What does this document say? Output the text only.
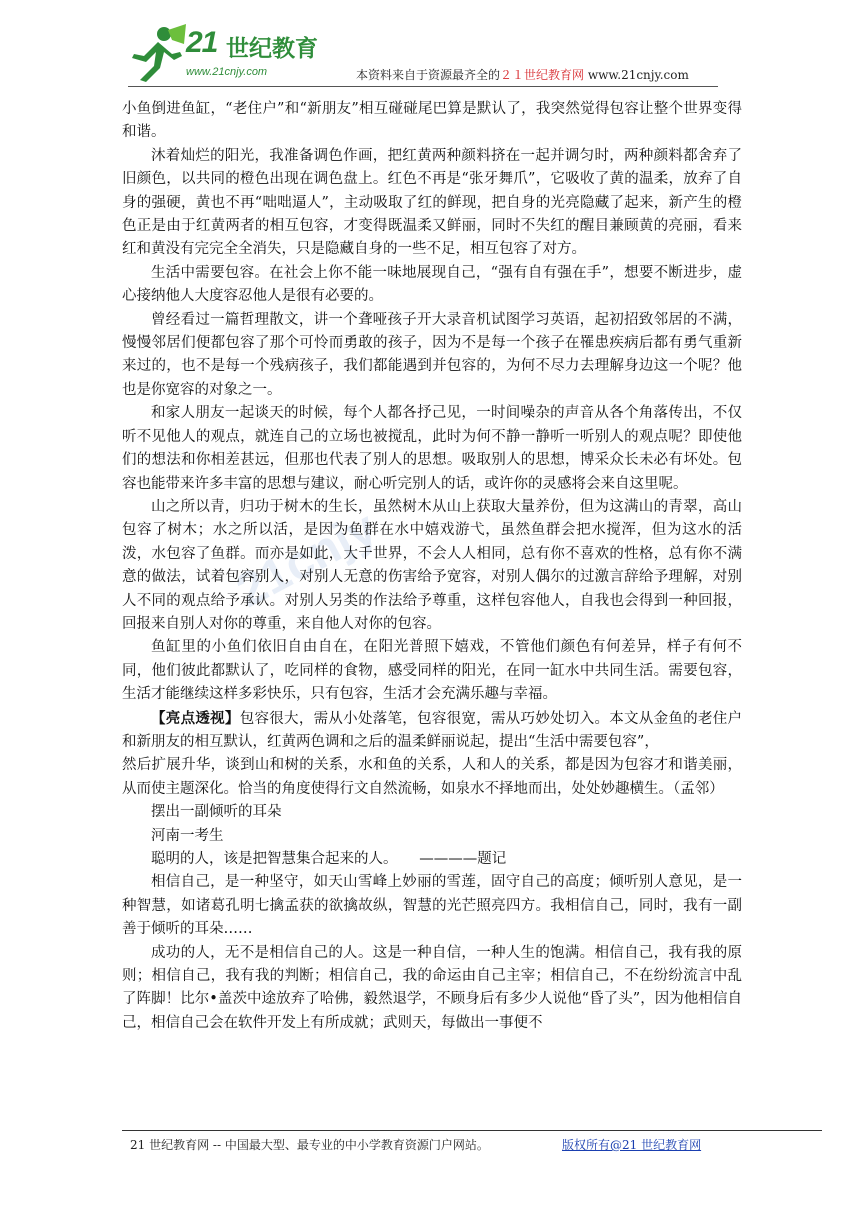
21 世纪教育
www.21cnjy.com	本资料来自于资源最齐全的２１世纪教育网 www.21cnjy.com
21cnjy

小鱼倒进鱼缸，“老住户”和“新朋友”相互碰碰尾巴算是默认了，我突然觉得包容让整个世界变得和谐。

沐着灿烂的阳光，我准备调色作画，把红黄两种颜料挤在一起并调匀时，两种颜料都舍弃了旧颜色，以共同的橙色出现在调色盘上。红色不再是“张牙舞爪”，它吸收了黄的温柔，放弃了自身的强硬，黄也不再“咄咄逼人”，主动吸取了红的鲜现，把自身的光亮隐藏了起来，新产生的橙色正是由于红黄两者的相互包容，才变得既温柔又鲜丽，同时不失红的醒目兼顾黄的亮丽，看来红和黄没有完完全全消失，只是隐藏自身的一些不足，相互包容了对方。

生活中需要包容。在社会上你不能一味地展现自己，“强有自有强在手”，想要不断进步，虚心接纳他人大度容忍他人是很有必要的。

曾经看过一篇哲理散文，讲一个聋哑孩子开大录音机试图学习英语，起初招致邻居的不满，慢慢邻居们便都包容了那个可怜而勇敢的孩子，因为不是每一个孩子在罹患疾病后都有勇气重新来过的，也不是每一个残病孩子，我们都能遇到并包容的，为何不尽力去理解身边这一个呢？他也是你宽容的对象之一。

和家人朋友一起谈天的时候，每个人都各抒己见，一时间噪杂的声音从各个角落传出，不仅听不见他人的观点，就连自己的立场也被搅乱，此时为何不静一静听一听别人的观点呢？即使他们的想法和你相差甚远，但那也代表了别人的思想。吸取别人的思想，博采众长未必有坏处。包容也能带来许多丰富的思想与建议，耐心听完别人的话，或许你的灵感将会来自这里呢。

山之所以青，归功于树木的生长，虽然树木从山上获取大量养份，但为这满山的青翠，高山包容了树木；水之所以活，是因为鱼群在水中嬉戏游弋，虽然鱼群会把水搅浑，但为这水的活泼，水包容了鱼群。而亦是如此，大千世界，不会人人相同，总有你不喜欢的性格，总有你不满意的做法，试着包容别人，对别人无意的伤害给予宽容，对别人偶尔的过激言辞给予理解，对别人不同的观点给予承认。对别人另类的作法给予尊重，这样包容他人，自我也会得到一种回报，回报来自别人对你的尊重，来自他人对你的包容。

鱼缸里的小鱼们依旧自由自在，在阳光普照下嬉戏，不管他们颜色有何差异，样子有何不同，他们彼此都默认了，吃同样的食物，感受同样的阳光，在同一缸水中共同生活。需要包容，生活才能继续这样多彩快乐，只有包容，生活才会充满乐趣与幸福。

【亮点透视】包容很大，需从小处落笔，包容很宽，需从巧妙处切入。本文从金鱼的老住户和新朋友的相互默认，红黄两色调和之后的温柔鲜丽说起，提出“生活中需要包容”，

然后扩展升华，谈到山和树的关系，水和鱼的关系，人和人的关系，都是因为包容才和谐美丽，从而使主题深化。恰当的角度使得行文自然流畅，如泉水不择地而出，处处妙趣横生。（孟邻）

摆出一副倾听的耳朵

河南一考生

聪明的人，该是把智慧集合起来的人。　　————题记

相信自己，是一种坚守，如天山雪峰上妙丽的雪莲，固守自己的高度；倾听别人意见，是一种智慧，如诸葛孔明七擒孟获的欲擒故纵，智慧的光芒照亮四方。我相信自己，同时，我有一副善于倾听的耳朵……

成功的人，无不是相信自己的人。这是一种自信，一种人生的饱满。相信自己，我有我的原则；相信自己，我有我的判断；相信自己，我的命运由自己主宰；相信自己，不在纷纷流言中乱了阵脚！比尔•盖茨中途放弃了哈佛，毅然退学，不顾身后有多少人说他“昏了头”，因为他相信自己，相信自己会在软件开发上有所成就；武则天，每做出一事便不

21 世纪教育网 -- 中国最大型、最专业的中小学教育资源门户网站。	版权所有@21 世纪教育网
